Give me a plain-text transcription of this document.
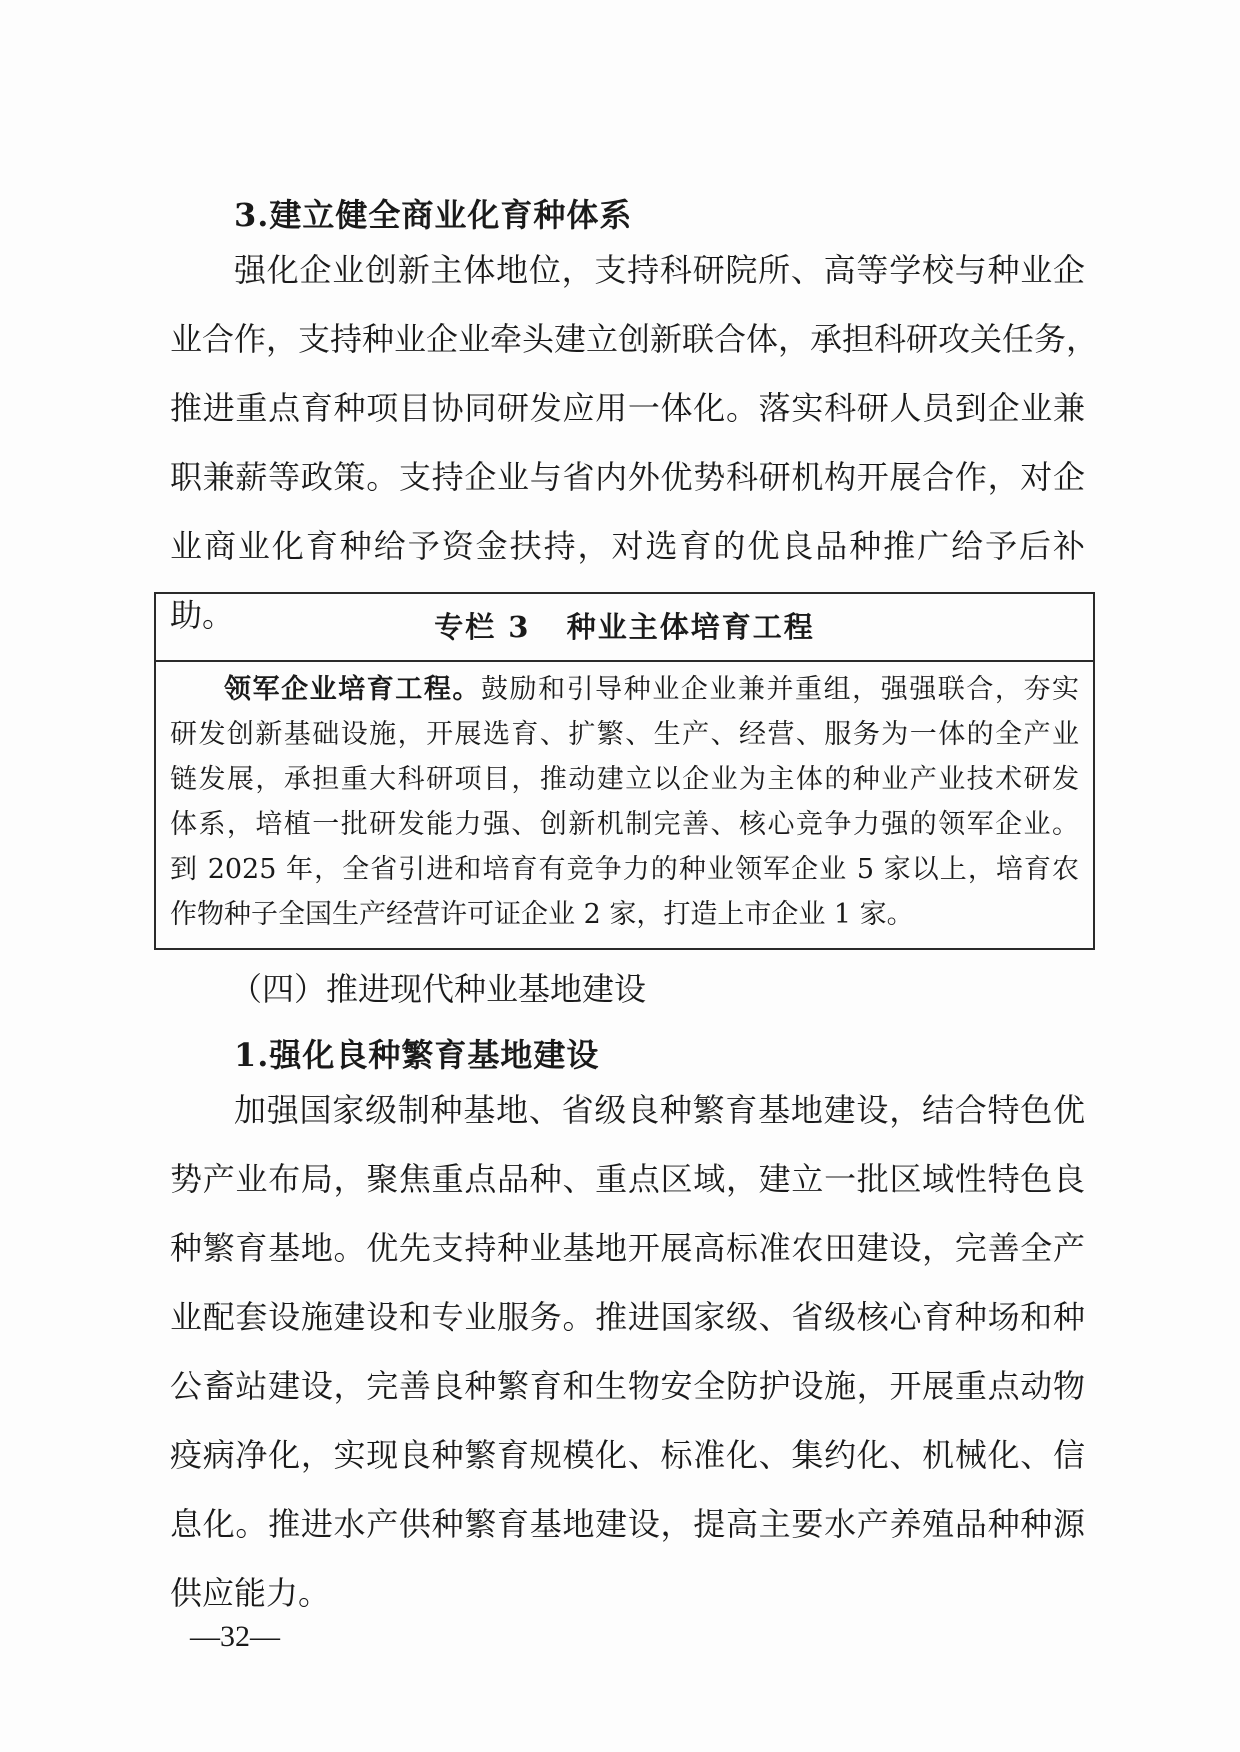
3.建立健全商业化育种体系
强化企业创新主体地位，支持科研院所、高等学校与种业企
业合作，支持种业企业牵头建立创新联合体，承担科研攻关任务，
推进重点育种项目协同研发应用一体化。落实科研人员到企业兼
职兼薪等政策。支持企业与省内外优势科研机构开展合作，对企
业商业化育种给予资金扶持，对选育的优良品种推广给予后补
助。	专栏 3   种业主体培育工程
领军企业培育工程。鼓励和引导种业企业兼并重组，强强联合，夯实
研发创新基础设施，开展选育、扩繁、生产、经营、服务为一体的全产业
链发展，承担重大科研项目，推动建立以企业为主体的种业产业技术研发
体系，培植一批研发能力强、创新机制完善、核心竞争力强的领军企业。
到 2025 年，全省引进和培育有竞争力的种业领军企业 5 家以上，培育农
作物种子全国生产经营许可证企业 2 家，打造上市企业 1 家。
（四）推进现代种业基地建设
1.强化良种繁育基地建设
加强国家级制种基地、省级良种繁育基地建设，结合特色优
势产业布局，聚焦重点品种、重点区域，建立一批区域性特色良
种繁育基地。优先支持种业基地开展高标准农田建设，完善全产
业配套设施建设和专业服务。推进国家级、省级核心育种场和种
公畜站建设，完善良种繁育和生物安全防护设施，开展重点动物
疫病净化，实现良种繁育规模化、标准化、集约化、机械化、信
息化。推进水产供种繁育基地建设，提高主要水产养殖品种种源
供应能力。
—32—
